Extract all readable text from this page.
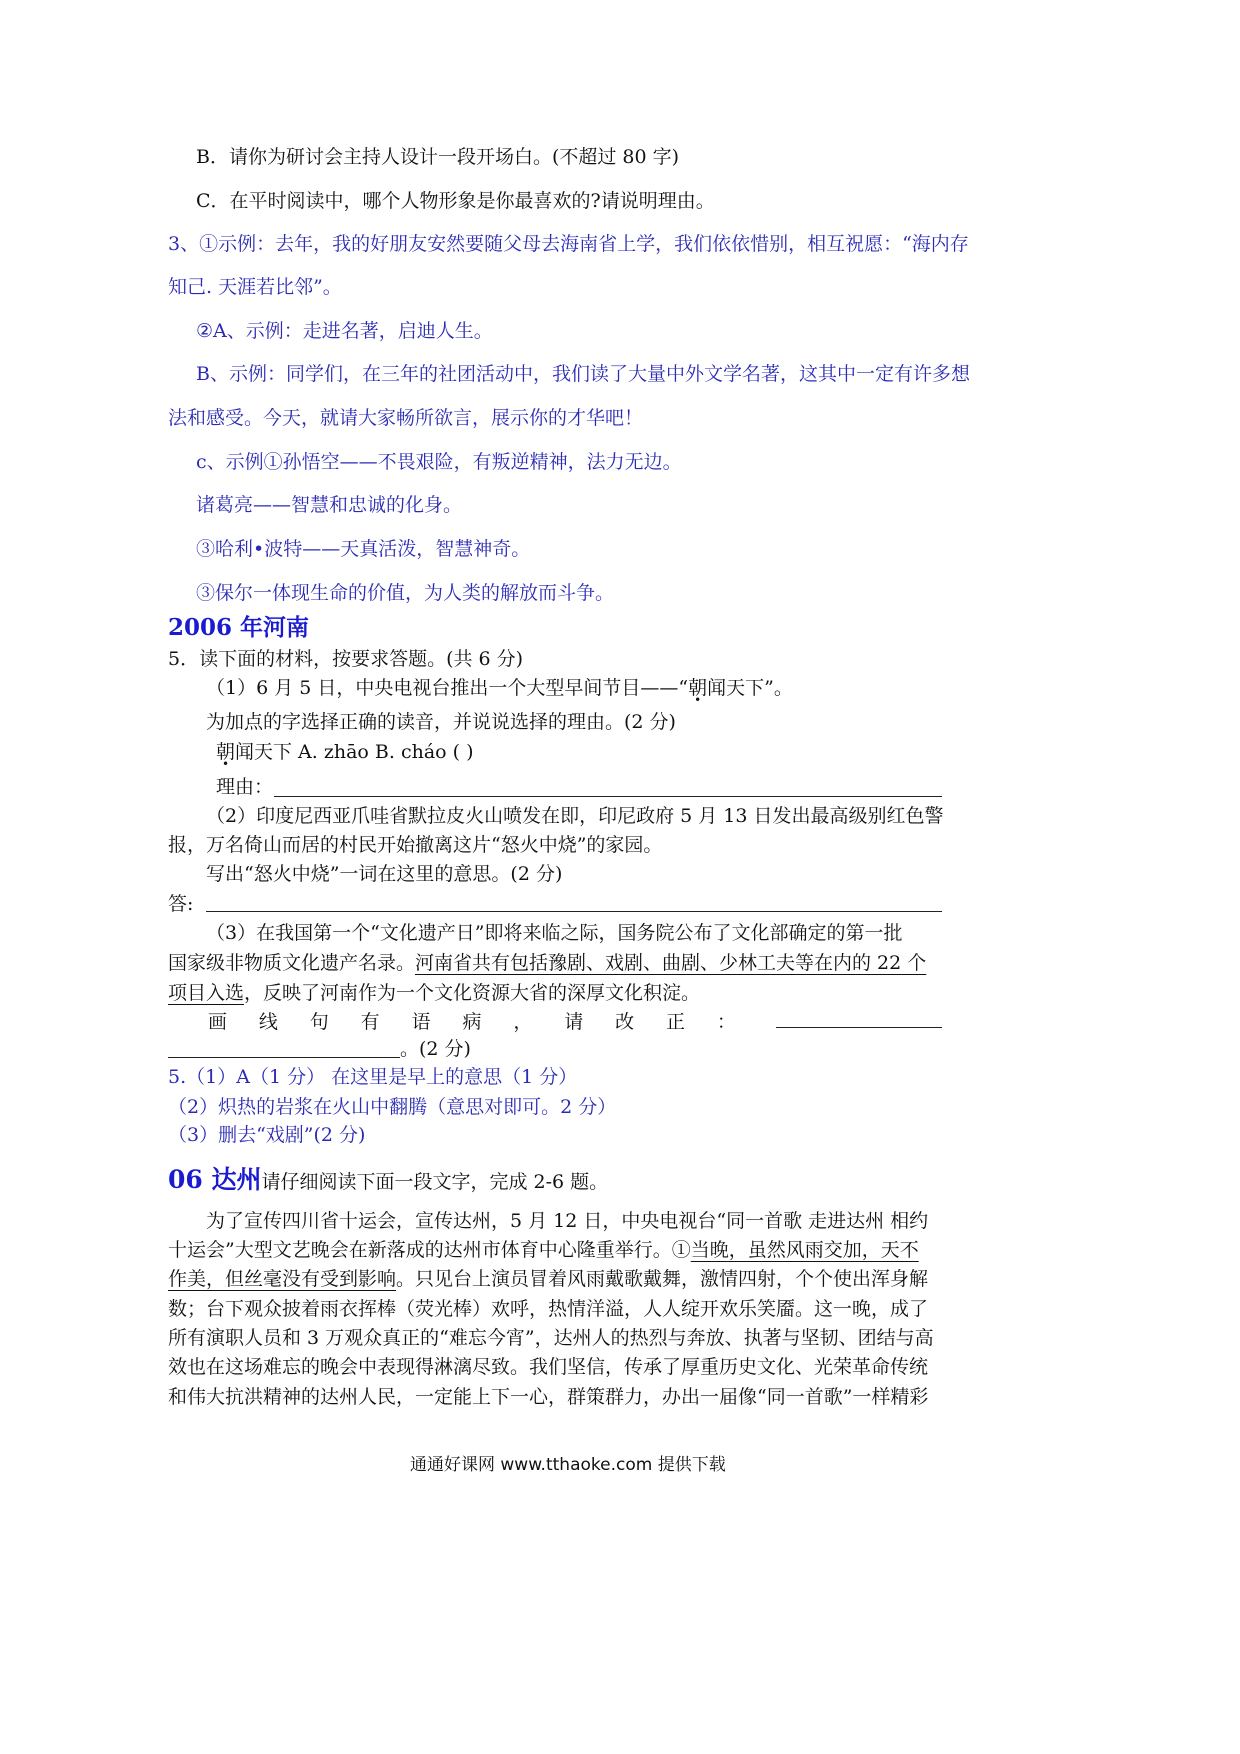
B．请你为研讨会主持人设计一段开场白。(不超过 80 字)
C．在平时阅读中，哪个人物形象是你最喜欢的?请说明理由。
3、①示例：去年，我的好朋友安然要随父母去海南省上学，我们依依惜别，相互祝愿：“海内存
知己. 天涯若比邻”。
②A、示例：走进名著，启迪人生。
B、示例：同学们，在三年的社团活动中，我们读了大量中外文学名著，这其中一定有许多想
法和感受。今天，就请大家畅所欲言，展示你的才华吧！
c、示例①孙悟空——不畏艰险，有叛逆精神，法力无边。
诸葛亮——智慧和忠诚的化身。
③哈利•波特——天真活泼，智慧神奇。
③保尔一体现生命的价值，为人类的解放而斗争。
2006 年河南
5．读下面的材料，按要求答题。(共 6 分)
（1）6 月 5 日，中央电视台推出一个大型早间节目——“朝闻天下”。
为加点的字选择正确的读音，并说说选择的理由。(2 分)
朝闻天下 A. zhāo B. cháo ( )
理由：
（2）印度尼西亚爪哇省默拉皮火山喷发在即，印尼政府 5 月 13 日发出最高级别红色警
报，万名倚山而居的村民开始撤离这片“怒火中烧”的家园。
写出“怒火中烧”一词在这里的意思。(2 分)
答:
（3）在我国第一个“文化遗产日”即将来临之际，国务院公布了文化部确定的第一批
国家级非物质文化遗产名录。河南省共有包括豫剧、戏剧、曲剧、少林工夫等在内的 22 个
项目入选，反映了河南作为一个文化资源大省的深厚文化积淀。
画 线 句 有 语 病 ， 请 改 正 ：
。(2 分)
5.（1）A（1 分） 在这里是早上的意思（1 分）
（2）炽热的岩浆在火山中翻腾（意思对即可。2 分）
（3）删去“戏剧”(2 分)
06 达州请仔细阅读下面一段文字，完成 2-6 题。
为了宣传四川省十运会，宣传达州，5 月 12 日，中央电视台“同一首歌 走进达州 相约
十运会”大型文艺晚会在新落成的达州市体育中心隆重举行。①当晚，虽然风雨交加，天不
作美，但丝毫没有受到影响。只见台上演员冒着风雨戴歌戴舞，激情四射，个个使出浑身解
数；台下观众披着雨衣挥棒（荧光棒）欢呼，热情洋溢，人人绽开欢乐笑靥。这一晚，成了
所有演职人员和 3 万观众真正的“难忘今宵”，达州人的热烈与奔放、执著与坚韧、团结与高
效也在这场难忘的晚会中表现得淋漓尽致。我们坚信，传承了厚重历史文化、光荣革命传统
和伟大抗洪精神的达州人民，一定能上下一心，群策群力，办出一届像“同一首歌”一样精彩
通通好课网 www.tthaoke.com 提供下载
